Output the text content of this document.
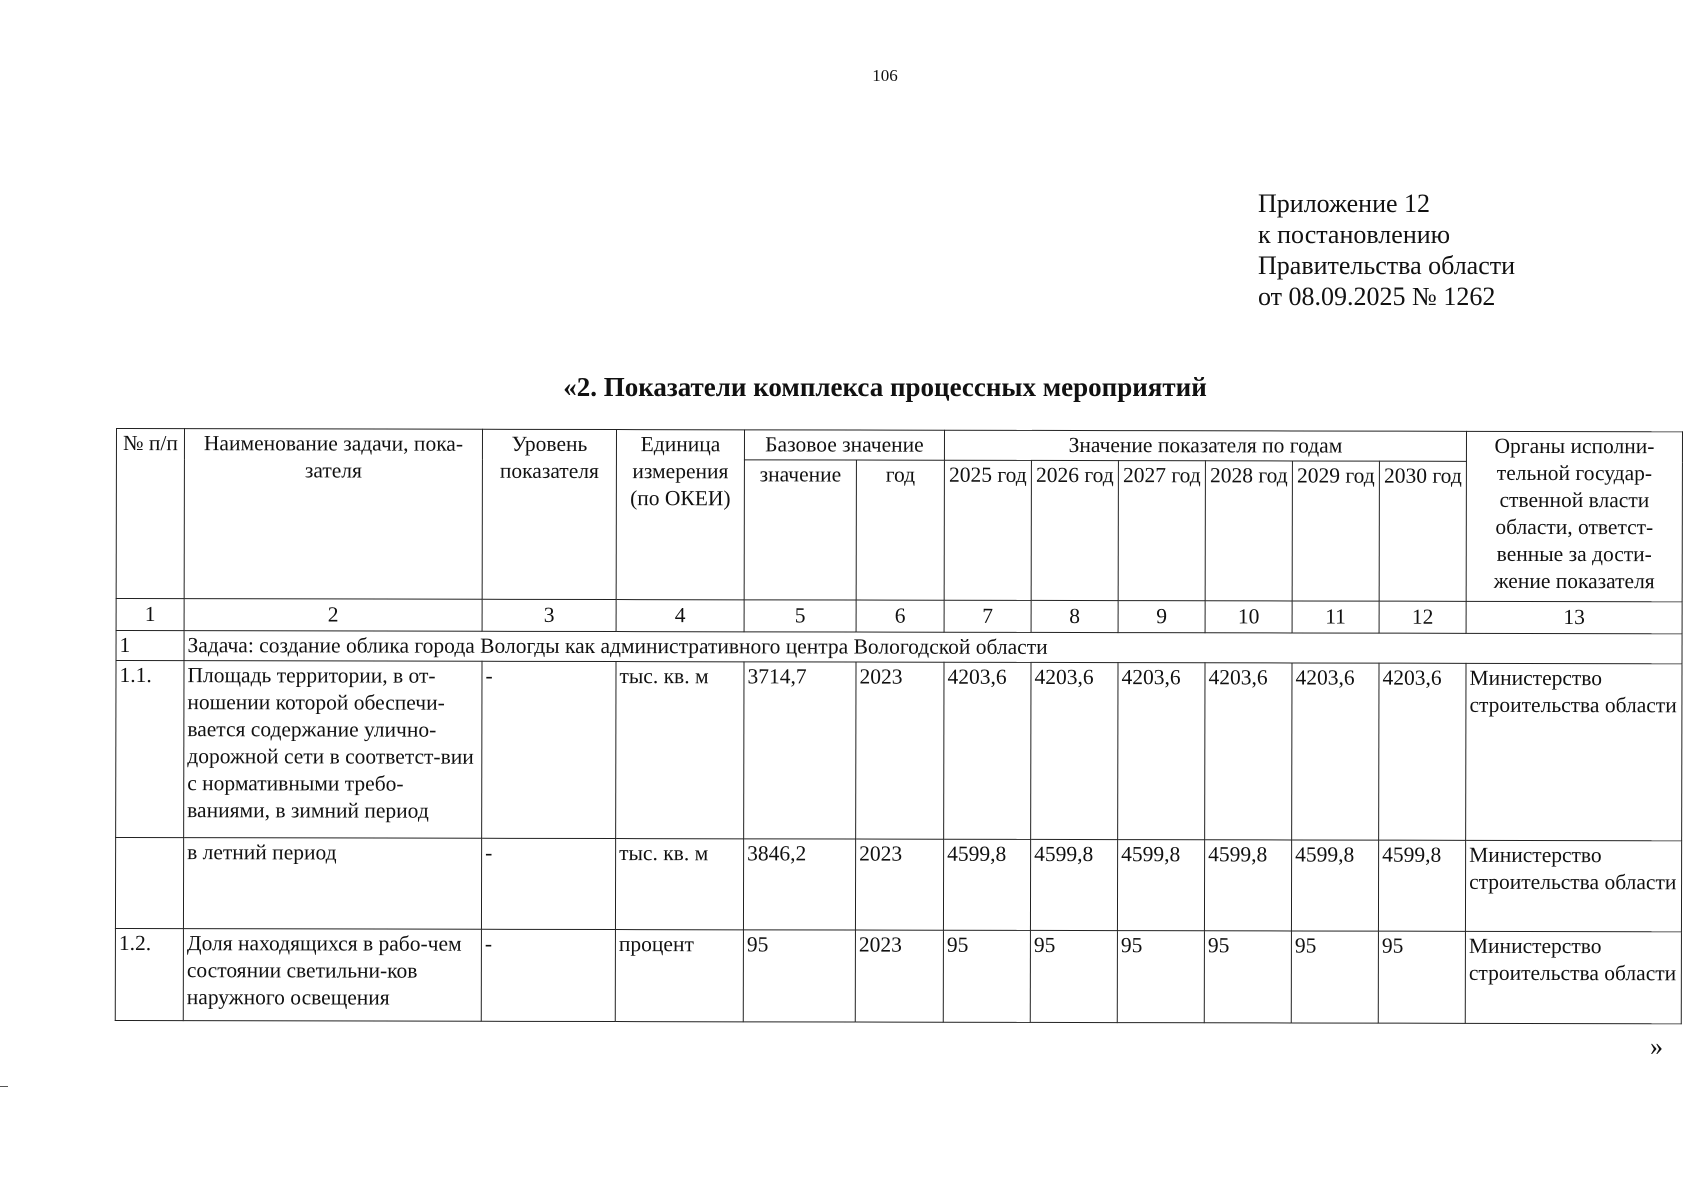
106
Приложение 12
к постановлению
Правительства области
от 08.09.2025 № 1262
«2. Показатели комплекса процессных мероприятий
№ п/п	Наименование задачи, пока-зателя	Уровень показателя	Единица измерения (по ОКЕИ)	Базовое значение		Значение показателя по годам						Органы исполни-тельной государ-ственной власти области, ответст-венные за дости-жение показателя
				значение	год	2025 год	2026 год	2027 год	2028 год	2029 год	2030 год	
1	2	3	4	5	6	7	8	9	10	11	12	13
1	Задача: создание облика города Вологды как административного центра Вологодской области											
1.1.	Площадь территории, в от-ношении которой обеспечи-вается содержание улично-дорожной сети в соответст-вии с нормативными требо-ваниями, в зимний период	-	тыс. кв. м	3714,7	2023	4203,6	4203,6	4203,6	4203,6	4203,6	4203,6	Министерство строительства области
	в летний период	-	тыс. кв. м	3846,2	2023	4599,8	4599,8	4599,8	4599,8	4599,8	4599,8	Министерство строительства области
1.2.	Доля находящихся в рабо-чем состоянии светильни-ков наружного освещения	-	процент	95	2023	95	95	95	95	95	95	Министерство строительства области
»
